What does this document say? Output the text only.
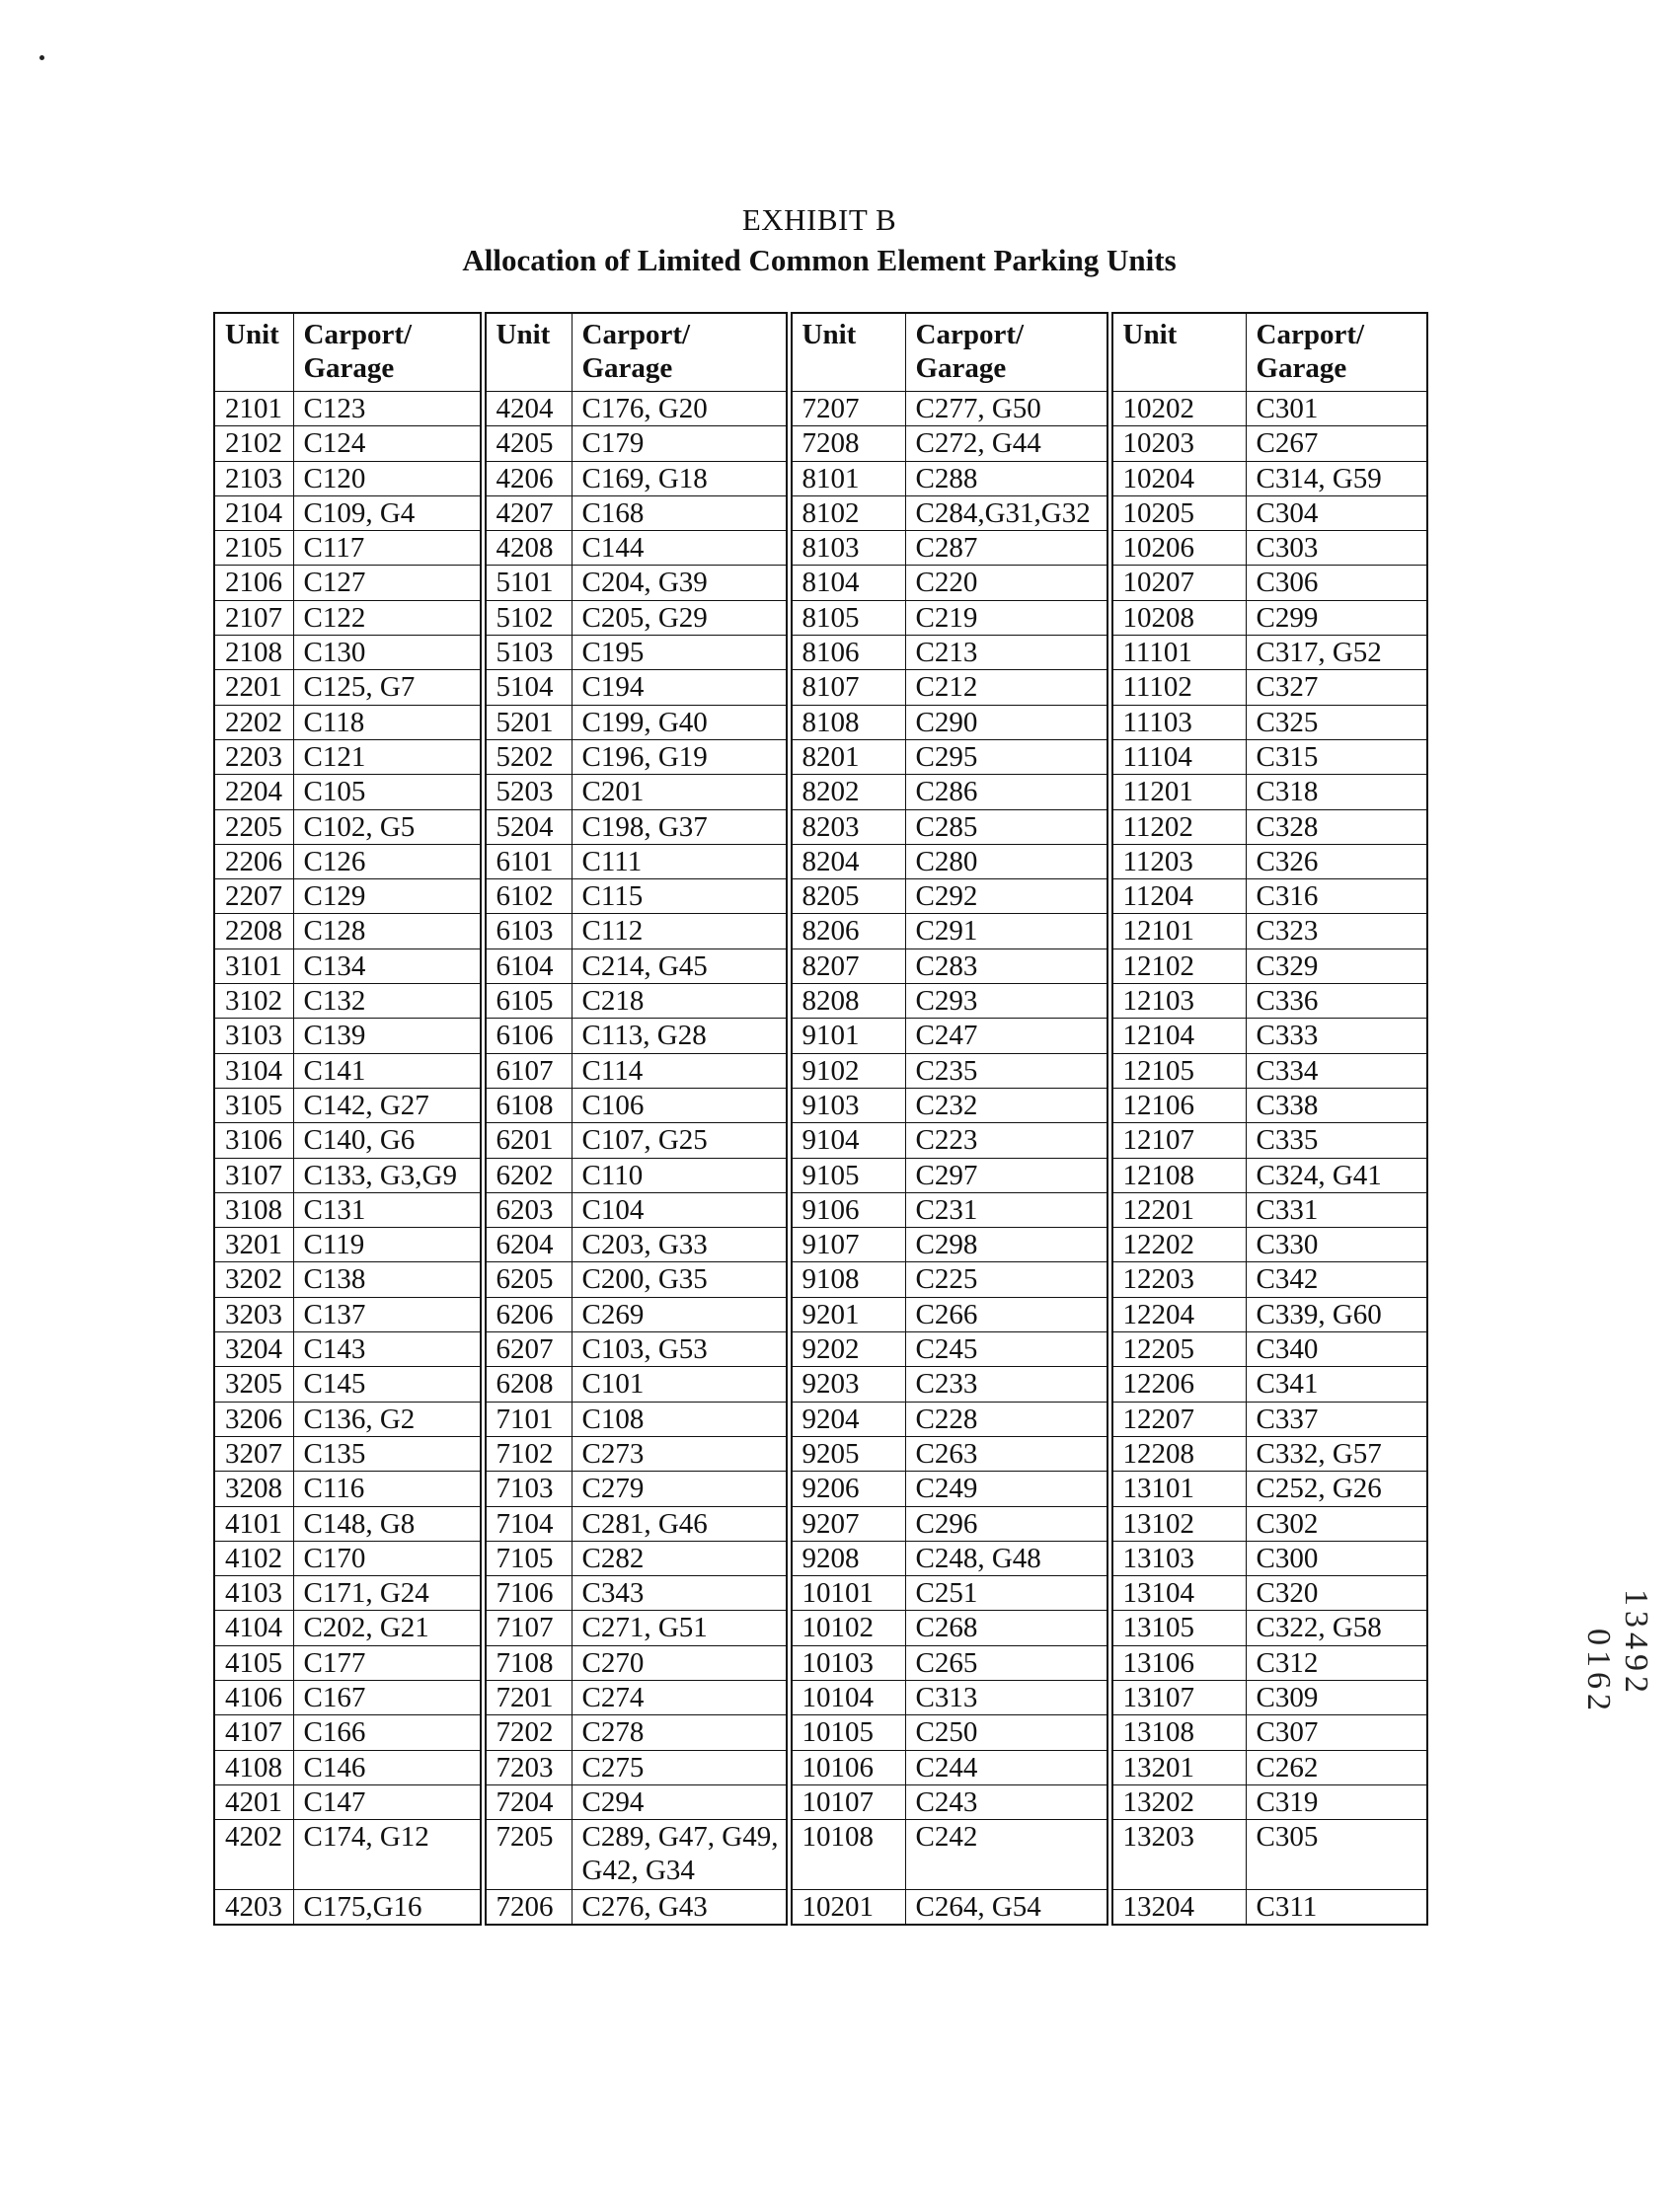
EXHIBIT B
Allocation of Limited Common Element Parking Units
Unit	Carport/ Garage	Unit	Carport/ Garage	Unit	Carport/ Garage	Unit	Carport/ Garage
2101	C123	4204	C176, G20	7207	C277, G50	10202	C301
2102	C124	4205	C179	7208	C272, G44	10203	C267
2103	C120	4206	C169, G18	8101	C288	10204	C314, G59
2104	C109, G4	4207	C168	8102	C284,G31,G32	10205	C304
2105	C117	4208	C144	8103	C287	10206	C303
2106	C127	5101	C204, G39	8104	C220	10207	C306
2107	C122	5102	C205, G29	8105	C219	10208	C299
2108	C130	5103	C195	8106	C213	11101	C317, G52
2201	C125, G7	5104	C194	8107	C212	11102	C327
2202	C118	5201	C199, G40	8108	C290	11103	C325
2203	C121	5202	C196, G19	8201	C295	11104	C315
2204	C105	5203	C201	8202	C286	11201	C318
2205	C102, G5	5204	C198, G37	8203	C285	11202	C328
2206	C126	6101	C111	8204	C280	11203	C326
2207	C129	6102	C115	8205	C292	11204	C316
2208	C128	6103	C112	8206	C291	12101	C323
3101	C134	6104	C214, G45	8207	C283	12102	C329
3102	C132	6105	C218	8208	C293	12103	C336
3103	C139	6106	C113, G28	9101	C247	12104	C333
3104	C141	6107	C114	9102	C235	12105	C334
3105	C142, G27	6108	C106	9103	C232	12106	C338
3106	C140, G6	6201	C107, G25	9104	C223	12107	C335
3107	C133, G3,G9	6202	C110	9105	C297	12108	C324, G41
3108	C131	6203	C104	9106	C231	12201	C331
3201	C119	6204	C203, G33	9107	C298	12202	C330
3202	C138	6205	C200, G35	9108	C225	12203	C342
3203	C137	6206	C269	9201	C266	12204	C339, G60
3204	C143	6207	C103, G53	9202	C245	12205	C340
3205	C145	6208	C101	9203	C233	12206	C341
3206	C136, G2	7101	C108	9204	C228	12207	C337
3207	C135	7102	C273	9205	C263	12208	C332, G57
3208	C116	7103	C279	9206	C249	13101	C252, G26
4101	C148, G8	7104	C281, G46	9207	C296	13102	C302
4102	C170	7105	C282	9208	C248, G48	13103	C300
4103	C171, G24	7106	C343	10101	C251	13104	C320
4104	C202, G21	7107	C271, G51	10102	C268	13105	C322, G58
4105	C177	7108	C270	10103	C265	13106	C312
4106	C167	7201	C274	10104	C313	13107	C309
4107	C166	7202	C278	10105	C250	13108	C307
4108	C146	7203	C275	10106	C244	13201	C262
4201	C147	7204	C294	10107	C243	13202	C319
4202	C174, G12	7205	C289, G47, G49, G42, G34	10108	C242	13203	C305
4203	C175,G16	7206	C276, G43	10201	C264, G54	13204	C311
13492
0162
